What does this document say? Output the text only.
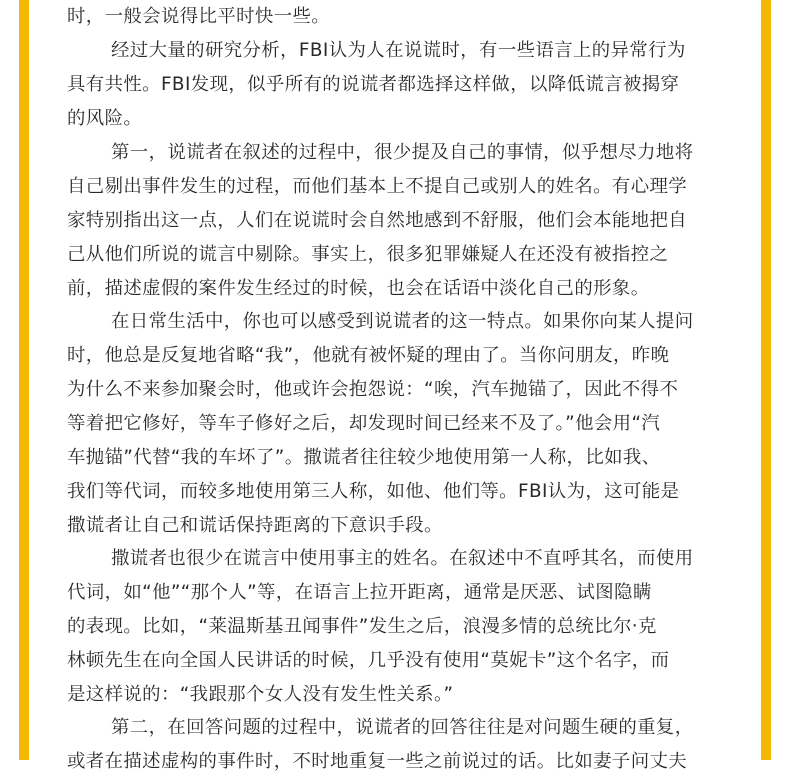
时，一般会说得比平时快一些。
经过大量的研究分析，FBI认为人在说谎时，有一些语言上的异常行为
具有共性。FBI发现，似乎所有的说谎者都选择这样做，以降低谎言被揭穿
的风险。
第一，说谎者在叙述的过程中，很少提及自己的事情，似乎想尽力地将
自己剔出事件发生的过程，而他们基本上不提自己或别人的姓名。有心理学
家特别指出这一点，人们在说谎时会自然地感到不舒服，他们会本能地把自
己从他们所说的谎言中剔除。事实上，很多犯罪嫌疑人在还没有被指控之
前，描述虚假的案件发生经过的时候，也会在话语中淡化自己的形象。
在日常生活中，你也可以感受到说谎者的这一特点。如果你向某人提问
时，他总是反复地省略“我”，他就有被怀疑的理由了。当你问朋友，昨晚
为什么不来参加聚会时，他或许会抱怨说：“唉，汽车抛锚了，因此不得不
等着把它修好，等车子修好之后，却发现时间已经来不及了。”他会用“汽
车抛锚”代替“我的车坏了”。撒谎者往往较少地使用第一人称，比如我、
我们等代词，而较多地使用第三人称，如他、他们等。FBI认为，这可能是
撒谎者让自己和谎话保持距离的下意识手段。
撒谎者也很少在谎言中使用事主的姓名。在叙述中不直呼其名，而使用
代词，如“他”“那个人”等，在语言上拉开距离，通常是厌恶、试图隐瞒
的表现。比如，“莱温斯基丑闻事件”发生之后，浪漫多情的总统比尔·克
林顿先生在向全国人民讲话的时候，几乎没有使用“莫妮卡”这个名字，而
是这样说的：“我跟那个女人没有发生性关系。”
第二，在回答问题的过程中，说谎者的回答往往是对问题生硬的重复，
或者在描述虚构的事件时，不时地重复一些之前说过的话。比如妻子问丈夫
